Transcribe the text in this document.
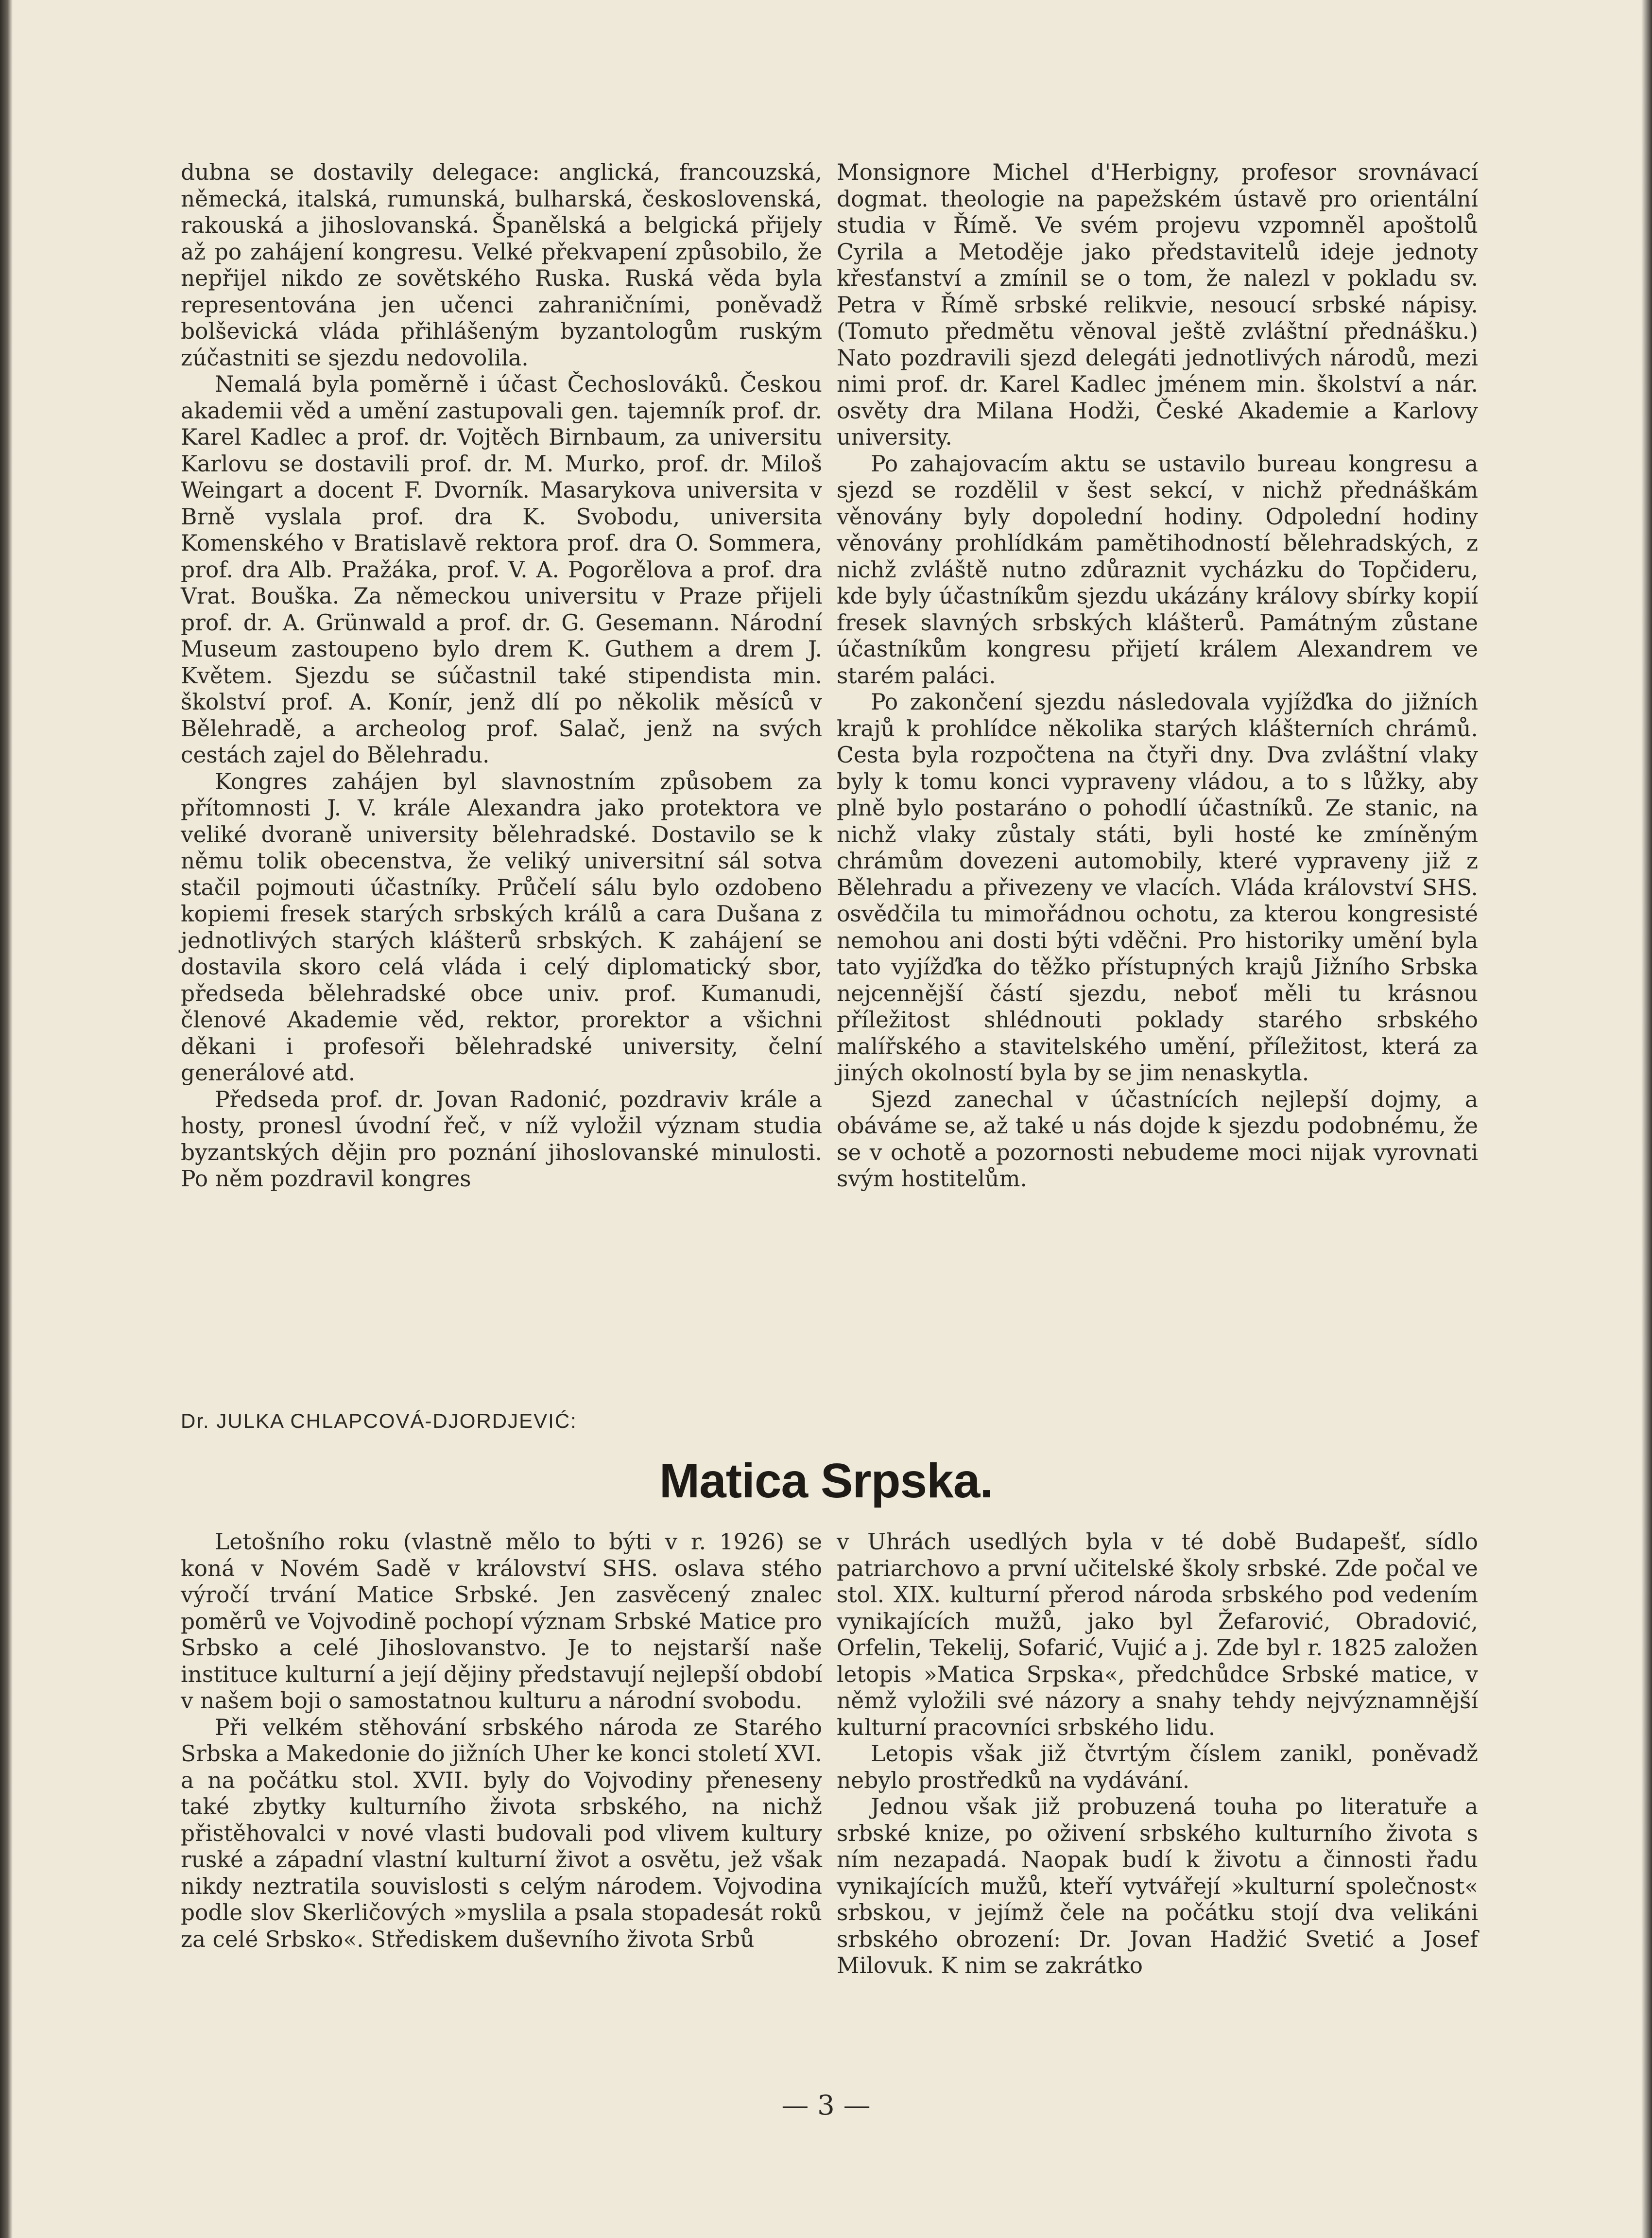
dubna se dostavily delegace: anglická, francouzská, německá, italská, rumunská, bulharská, československá, rakouská a jihoslovanská. Španělská a belgická přijely až po zahájení kongresu. Velké překvapení způsobilo, že nepřijel nikdo ze sovětského Ruska. Ruská věda byla representována jen učenci zahraničními, poněvadž bolševická vláda přihlášeným byzantologům ruským zúčastniti se sjezdu nedovolila.

Nemalá byla poměrně i účast Čechoslováků. Českou akademii věd a umění zastupovali gen. tajemník prof. dr. Karel Kadlec a prof. dr. Vojtěch Birnbaum, za universitu Karlovu se dostavili prof. dr. M. Murko, prof. dr. Miloš Weingart a docent F. Dvorník. Masarykova universita v Brně vyslala prof. dra K. Svobodu, universita Komenského v Bratislavě rektora prof. dra O. Sommera, prof. dra Alb. Pražáka, prof. V. A. Pogorělova a prof. dra Vrat. Bouška. Za německou universitu v Praze přijeli prof. dr. A. Grünwald a prof. dr. G. Gesemann. Národní Museum zastoupeno bylo drem K. Guthem a drem J. Květem. Sjezdu se súčastnil také stipendista min. školství prof. A. Konír, jenž dlí po několik měsíců v Bělehradě, a archeolog prof. Salač, jenž na svých cestách zajel do Bělehradu.

Kongres zahájen byl slavnostním způsobem za přítomnosti J. V. krále Alexandra jako protektora ve veliké dvoraně university bělehradské. Dostavilo se k němu tolik obecenstva, že veliký universitní sál sotva stačil pojmouti účastníky. Průčelí sálu bylo ozdobeno kopiemi fresek starých srbských králů a cara Dušana z jednotlivých starých klášterů srbských. K zahájení se dostavila skoro celá vláda i celý diplomatický sbor, předseda bělehradské obce univ. prof. Kumanudi, členové Akademie věd, rektor, prorektor a všichni děkani i profesoři bělehradské university, čelní generálové atd.

Předseda prof. dr. Jovan Radonić, pozdraviv krále a hosty, pronesl úvodní řeč, v níž vyložil význam studia byzantských dějin pro poznání jihoslovanské minulosti. Po něm pozdravil kongres

Monsignore Michel d'Herbigny, profesor srovnávací dogmat. theologie na papežském ústavě pro orientální studia v Římě. Ve svém projevu vzpomněl apoštolů Cyrila a Metoděje jako představitelů ideje jednoty křesťanství a zmínil se o tom, že nalezl v pokladu sv. Petra v Římě srbské relikvie, nesoucí srbské nápisy. (Tomuto předmětu věnoval ještě zvláštní přednášku.) Nato pozdravili sjezd delegáti jednotlivých národů, mezi nimi prof. dr. Karel Kadlec jménem min. školství a nár. osvěty dra Milana Hodži, České Akademie a Karlovy university.

Po zahajovacím aktu se ustavilo bureau kongresu a sjezd se rozdělil v šest sekcí, v nichž přednáškám věnovány byly dopolední hodiny. Odpolední hodiny věnovány prohlídkám pamětihodností bělehradských, z nichž zvláště nutno zdůraznit vycházku do Topčideru, kde byly účastníkům sjezdu ukázány královy sbírky kopií fresek slavných srbských klášterů. Památným zůstane účastníkům kongresu přijetí králem Alexandrem ve starém paláci.

Po zakončení sjezdu následovala vyjížďka do jižních krajů k prohlídce několika starých klášterních chrámů. Cesta byla rozpočtena na čtyři dny. Dva zvláštní vlaky byly k tomu konci vypraveny vládou, a to s lůžky, aby plně bylo postaráno o pohodlí účastníků. Ze stanic, na nichž vlaky zůstaly státi, byli hosté ke zmíněným chrámům dovezeni automobily, které vypraveny již z Bělehradu a přivezeny ve vlacích. Vláda království SHS. osvědčila tu mimořádnou ochotu, za kterou kongresisté nemohou ani dosti býti vděčni. Pro historiky umění byla tato vyjížďka do těžko přístupných krajů Jižního Srbska nejcennější částí sjezdu, neboť měli tu krásnou příležitost shlédnouti poklady starého srbského malířského a stavitelského umění, příležitost, která za jiných okolností byla by se jim nenaskytla.

Sjezd zanechal v účastnících nejlepší dojmy, a obáváme se, až také u nás dojde k sjezdu podobnému, že se v ochotě a pozornosti nebudeme moci nijak vyrovnati svým hostitelům.

Dr. JULKA CHLAPCOVÁ-DJORDJEVIĆ:
Matica Srpska.

Letošního roku (vlastně mělo to býti v r. 1926) se koná v Novém Sadě v království SHS. oslava stého výročí trvání Matice Srbské. Jen zasvěcený znalec poměrů ve Vojvodině pochopí význam Srbské Matice pro Srbsko a celé Jihoslovanstvo. Je to nejstarší naše instituce kulturní a její dějiny představují nejlepší období v našem boji o samostatnou kulturu a národní svobodu.

Při velkém stěhování srbského národa ze Starého Srbska a Makedonie do jižních Uher ke konci století XVI. a na počátku stol. XVII. byly do Vojvodiny přeneseny také zbytky kulturního života srbského, na nichž přistěhovalci v nové vlasti budovali pod vlivem kultury ruské a západní vlastní kulturní život a osvětu, jež však nikdy neztratila souvislosti s celým národem. Vojvodina podle slov Skerličových »myslila a psala stopadesát roků za celé Srbsko«. Střediskem duševního života Srbů

v Uhrách usedlých byla v té době Budapešť, sídlo patriarchovo a první učitelské školy srbské. Zde počal ve stol. XIX. kulturní přerod národa srbského pod vedením vynikajících mužů, jako byl Žefarović, Obradović, Orfelin, Tekelij, Sofarić, Vujić a j. Zde byl r. 1825 založen letopis »Matica Srpska«, předchůdce Srbské matice, v němž vyložili své názory a snahy tehdy nejvýznamnější kulturní pracovníci srbského lidu.

Letopis však již čtvrtým číslem zanikl, poněvadž nebylo prostředků na vydávání.

Jednou však již probuzená touha po literatuře a srbské knize, po oživení srbského kulturního života s ním nezapadá. Naopak budí k životu a činnosti řadu vynikajících mužů, kteří vytvářejí »kulturní společnost« srbskou, v jejímž čele na počátku stojí dva velikáni srbského obrození: Dr. Jovan Hadžić Svetić a Josef Milovuk. K nim se zakrátko

— 3 —
